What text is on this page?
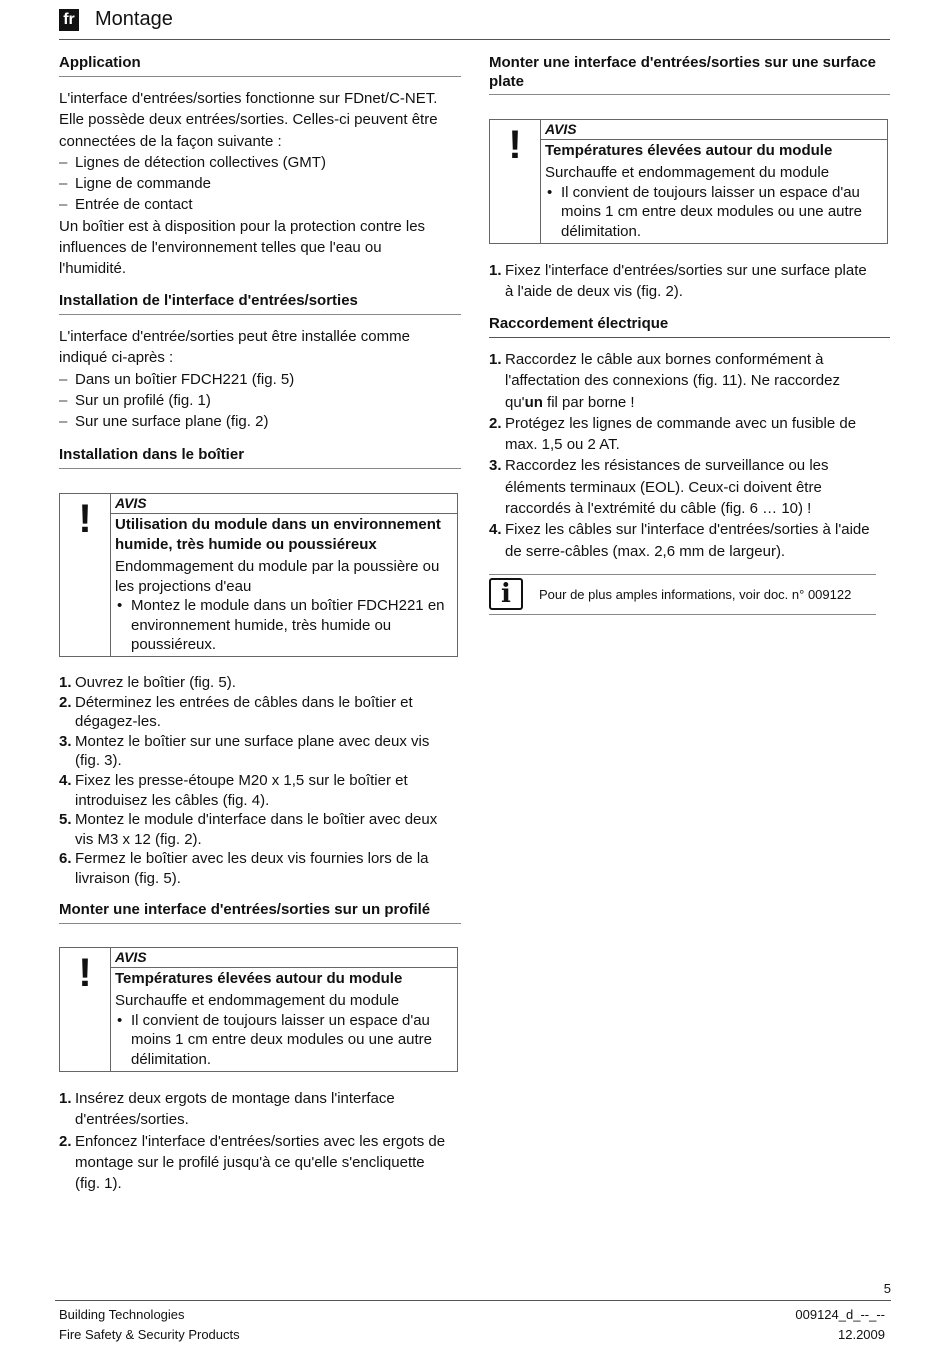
fr Montage
Application

L'interface d'entrées/sorties fonctionne sur FDnet/C-NET.

Elle possède deux entrées/sorties. Celles-ci peuvent être

connectées de la façon suivante :

– Lignes de détection collectives (GMT)
– Ligne de commande
– Entrée de contact

Un boîtier est à disposition pour la protection contre les

influences de l'environnement telles que l'eau ou

l'humidité.

Installation de l'interface d'entrées/sorties

L'interface d'entrée/sorties peut être installée comme

indiqué ci-après :

– Dans un boîtier FDCH221 (fig. 5)
– Sur un profilé (fig. 1)
– Sur une surface plane (fig. 2)
Installation dans le boîtier
!	AVIS
Utilisation du module dans un environnement
humide, très humide ou poussiéreux
Endommagement du module par la poussière ou
les projections d'eau
• Montez le module dans un boîtier FDCH221 en
environnement humide, très humide ou
poussiéreux.
1. Ouvrez le boîtier (fig. 5).
2. Déterminez les entrées de câbles dans le boîtier et
dégagez-les.
3. Montez le boîtier sur une surface plane avec deux vis
(fig. 3).
4. Fixez les presse-étoupe M20 x 1,5 sur le boîtier et
introduisez les câbles (fig. 4).
5. Montez le module d'interface dans le boîtier avec deux
vis M3 x 12 (fig. 2).
6. Fermez le boîtier avec les deux vis fournies lors de la
livraison (fig. 5).
Monter une interface d'entrées/sorties sur un profilé
!	AVIS
Températures élevées autour du module
Surchauffe et endommagement du module
• Il convient de toujours laisser un espace d'au
moins 1 cm entre deux modules ou une autre
délimitation.
1. Insérez deux ergots de montage dans l'interface
d'entrées/sorties.
2. Enfoncez l'interface d'entrées/sorties avec les ergots de
montage sur le profilé jusqu'à ce qu'elle s'encliquette
(fig. 1).
Monter une interface d'entrées/sorties sur une surface
plate
!	AVIS
Températures élevées autour du module
Surchauffe et endommagement du module
• Il convient de toujours laisser un espace d'au
moins 1 cm entre deux modules ou une autre
délimitation.
1. Fixez l'interface d'entrées/sorties sur une surface plate
à l'aide de deux vis (fig. 2).
Raccordement électrique
1. Raccordez le câble aux bornes conformément à
l'affectation des connexions (fig. 11). Ne raccordez
qu'un fil par borne !
2. Protégez les lignes de commande avec un fusible de
max. 1,5 ou 2 AT.
3. Raccordez les résistances de surveillance ou les
éléments terminaux (EOL). Ceux-ci doivent être
raccordés à l'extrémité du câble (fig. 6 … 10) !
4. Fixez les câbles sur l'interface d'entrées/sorties à l'aide
de serre-câbles (max. 2,6 mm de largeur).
i	Pour de plus amples informations, voir doc. n° 009122
5
Building Technologies
Fire Safety & Security Products
009124_d_--_--
12.2009
